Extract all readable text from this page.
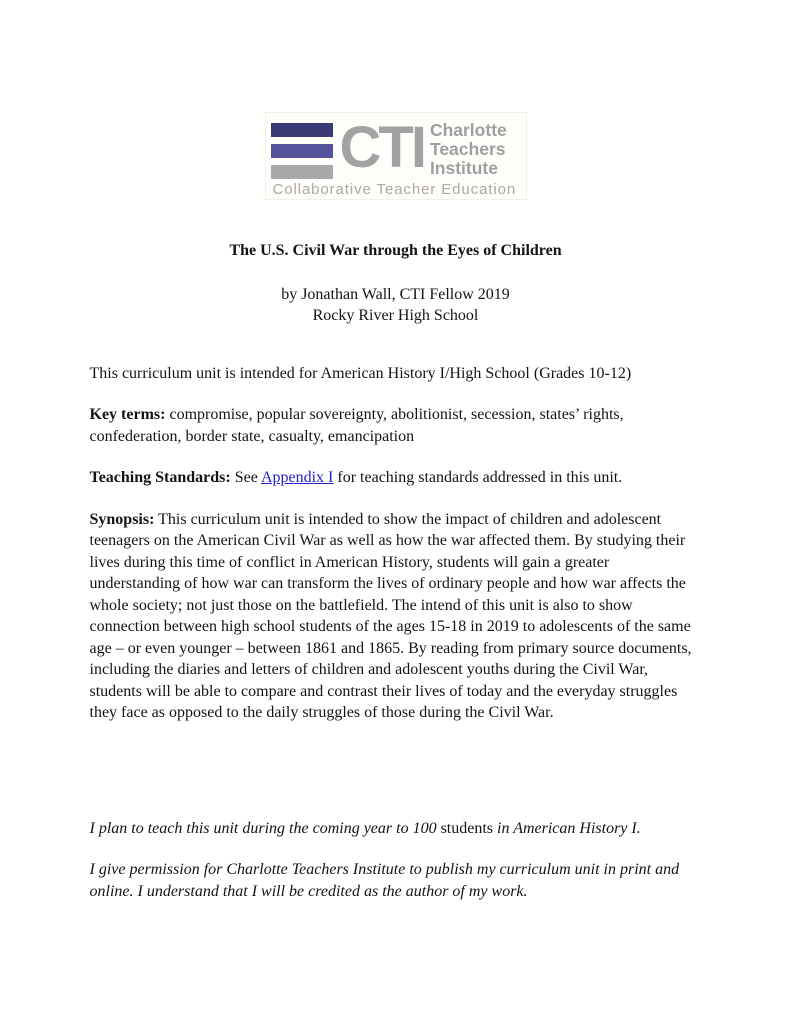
CTI Charlotte
Teachers
Institute
Collaborative Teacher Education
The U.S. Civil War through the Eyes of Children
by Jonathan Wall, CTI Fellow 2019
Rocky River High School

This curriculum unit is intended for American History I/High School (Grades 10-12)

Key terms: compromise, popular sovereignty, abolitionist, secession, states’ rights, confederation, border state, casualty, emancipation

Teaching Standards: See Appendix I for teaching standards addressed in this unit.

Synopsis: This curriculum unit is intended to show the impact of children and adolescent teenagers on the American Civil War as well as how the war affected them. By studying their lives during this time of conflict in American History, students will gain a greater understanding of how war can transform the lives of ordinary people and how war affects the whole society; not just those on the battlefield. The intend of this unit is also to show connection between high school students of the ages 15-18 in 2019 to adolescents of the same age – or even younger – between 1861 and 1865. By reading from primary source documents, including the diaries and letters of children and adolescent youths during the Civil War, students will be able to compare and contrast their lives of today and the everyday struggles they face as opposed to the daily struggles of those during the Civil War.

I plan to teach this unit during the coming year to 100 students in American History I.

I give permission for Charlotte Teachers Institute to publish my curriculum unit in print and online. I understand that I will be credited as the author of my work.
